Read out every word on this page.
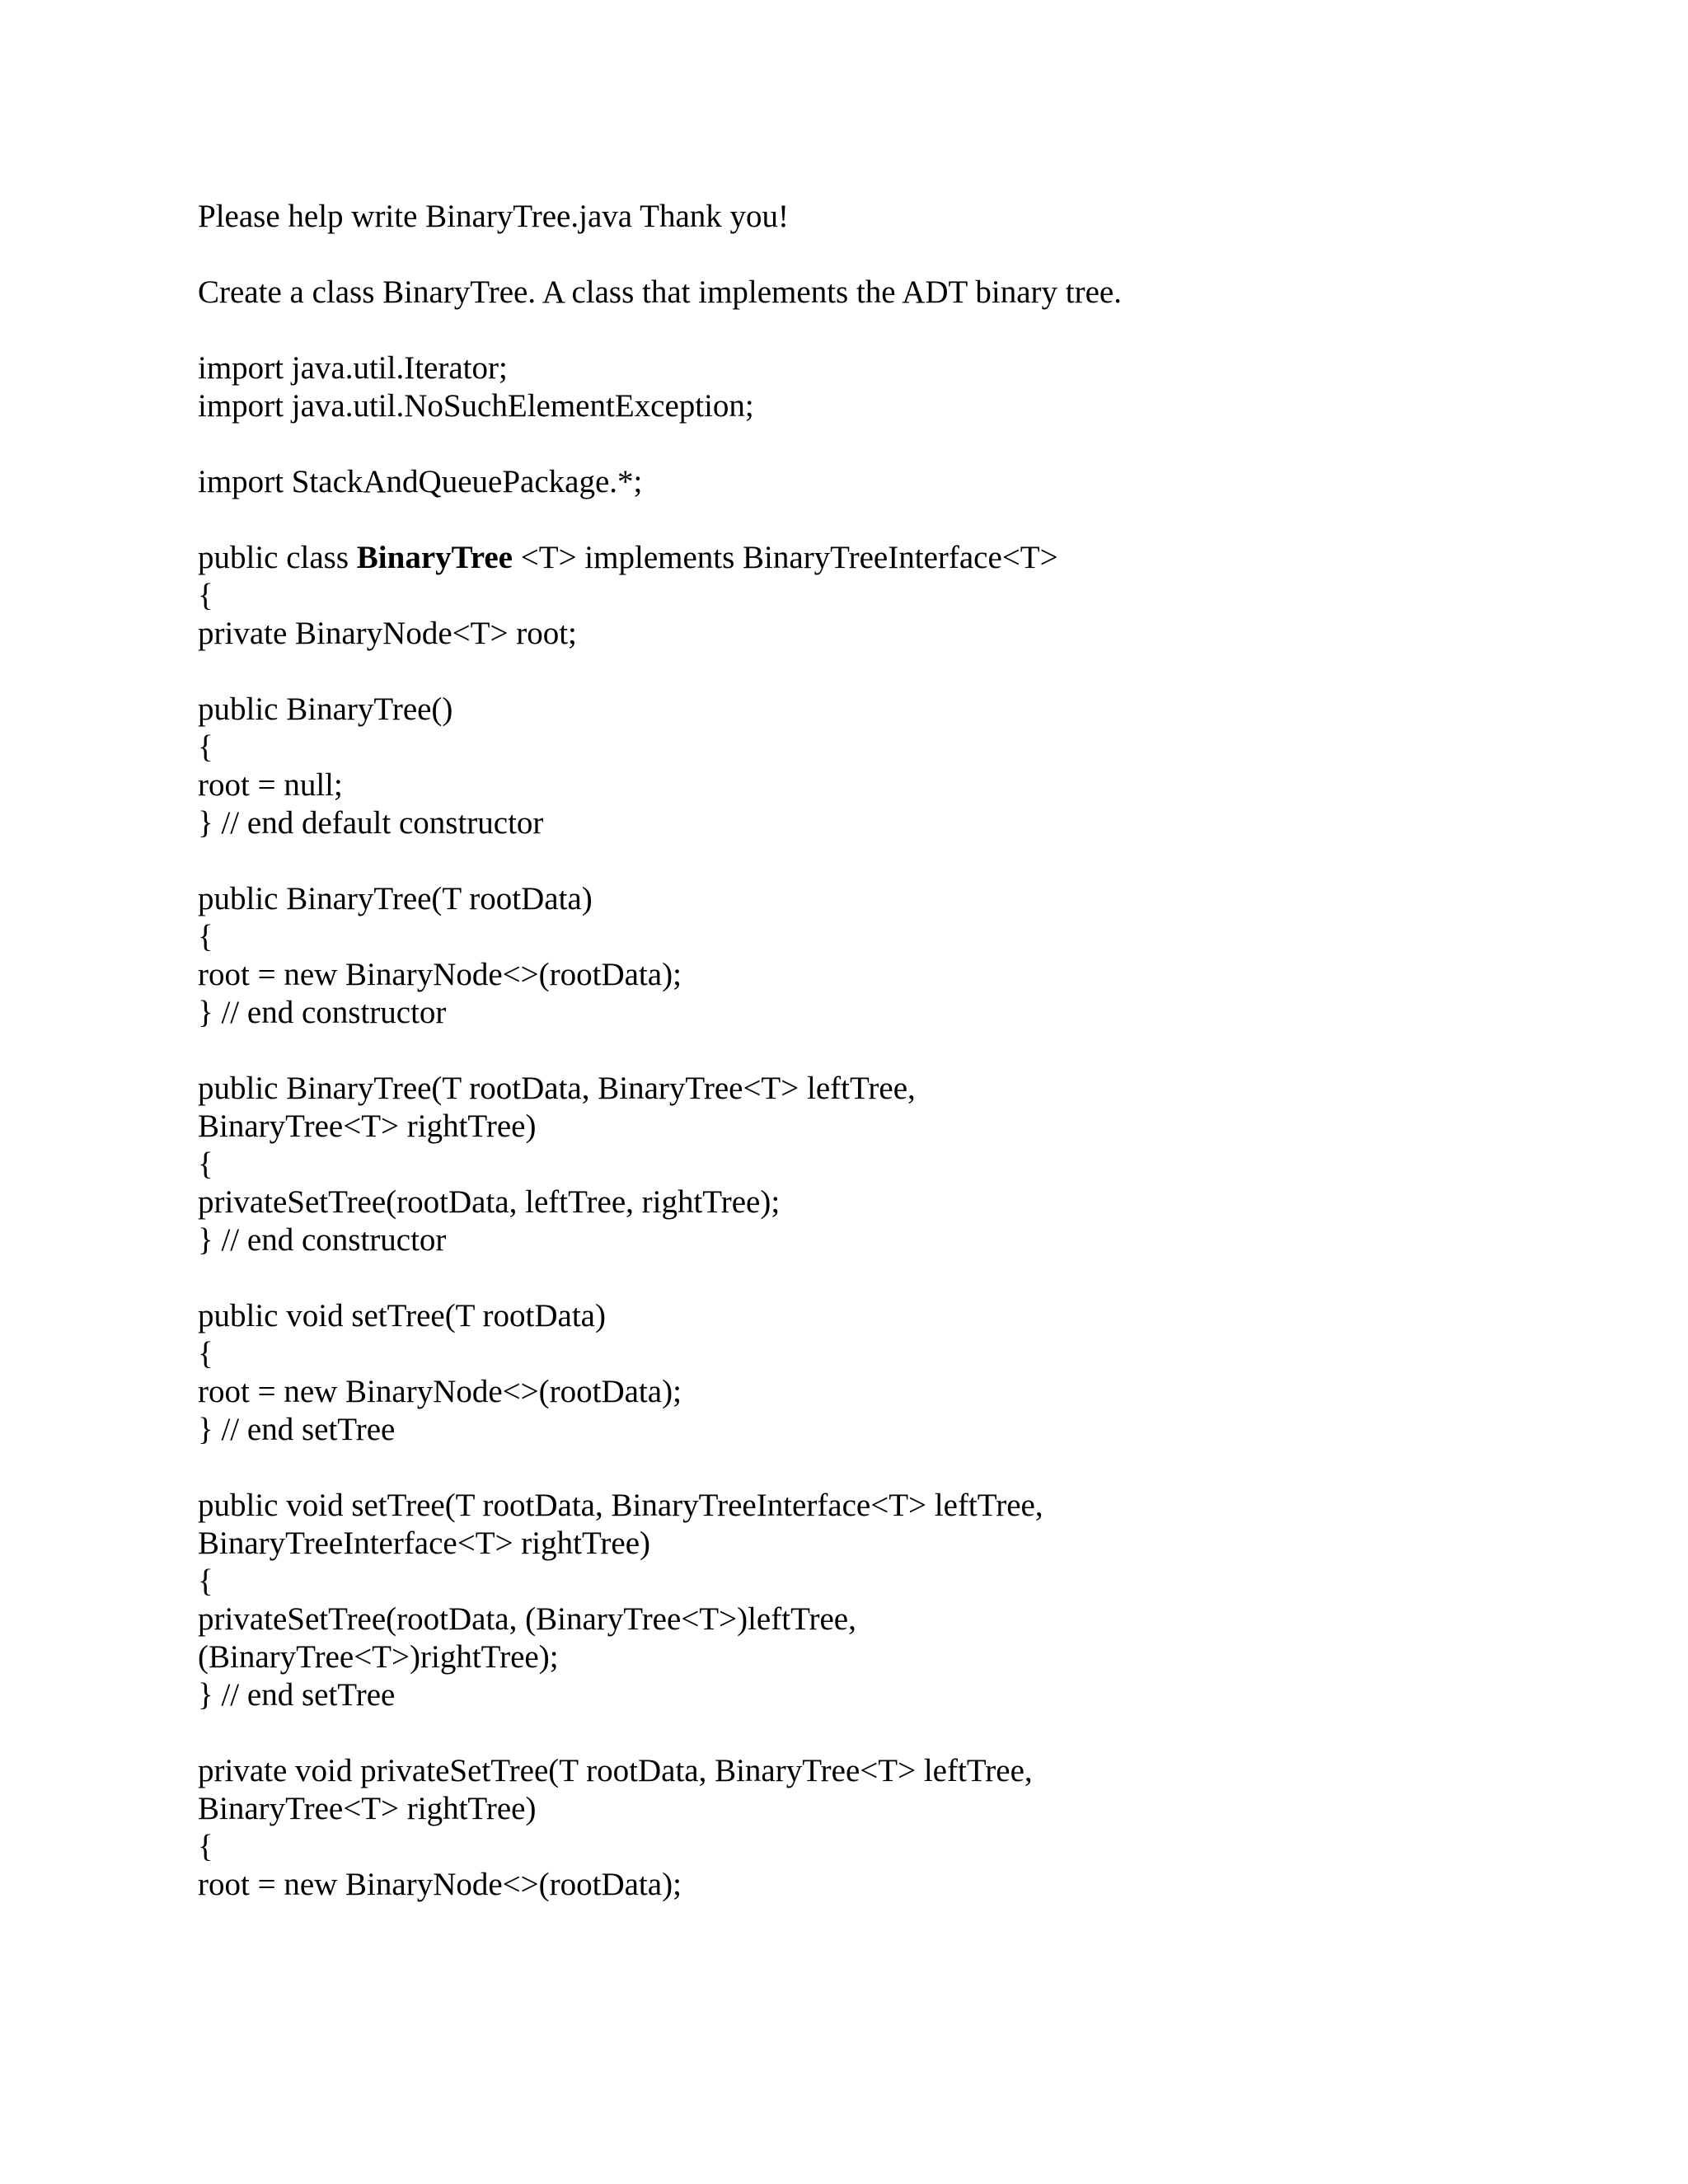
Please help write BinaryTree.java Thank you!
Create a class BinaryTree. A class that implements the ADT binary tree.
import java.util.Iterator;
import java.util.NoSuchElementException;
import StackAndQueuePackage.*;
public class BinaryTree <T> implements BinaryTreeInterface<T>
{
private BinaryNode<T> root;
public BinaryTree()
{
root = null;
} // end default constructor
public BinaryTree(T rootData)
{
root = new BinaryNode<>(rootData);
} // end constructor
public BinaryTree(T rootData, BinaryTree<T> leftTree,
BinaryTree<T> rightTree)
{
privateSetTree(rootData, leftTree, rightTree);
} // end constructor
public void setTree(T rootData)
{
root = new BinaryNode<>(rootData);
} // end setTree
public void setTree(T rootData, BinaryTreeInterface<T> leftTree,
BinaryTreeInterface<T> rightTree)
{
privateSetTree(rootData, (BinaryTree<T>)leftTree,
(BinaryTree<T>)rightTree);
} // end setTree
private void privateSetTree(T rootData, BinaryTree<T> leftTree,
BinaryTree<T> rightTree)
{
root = new BinaryNode<>(rootData);
